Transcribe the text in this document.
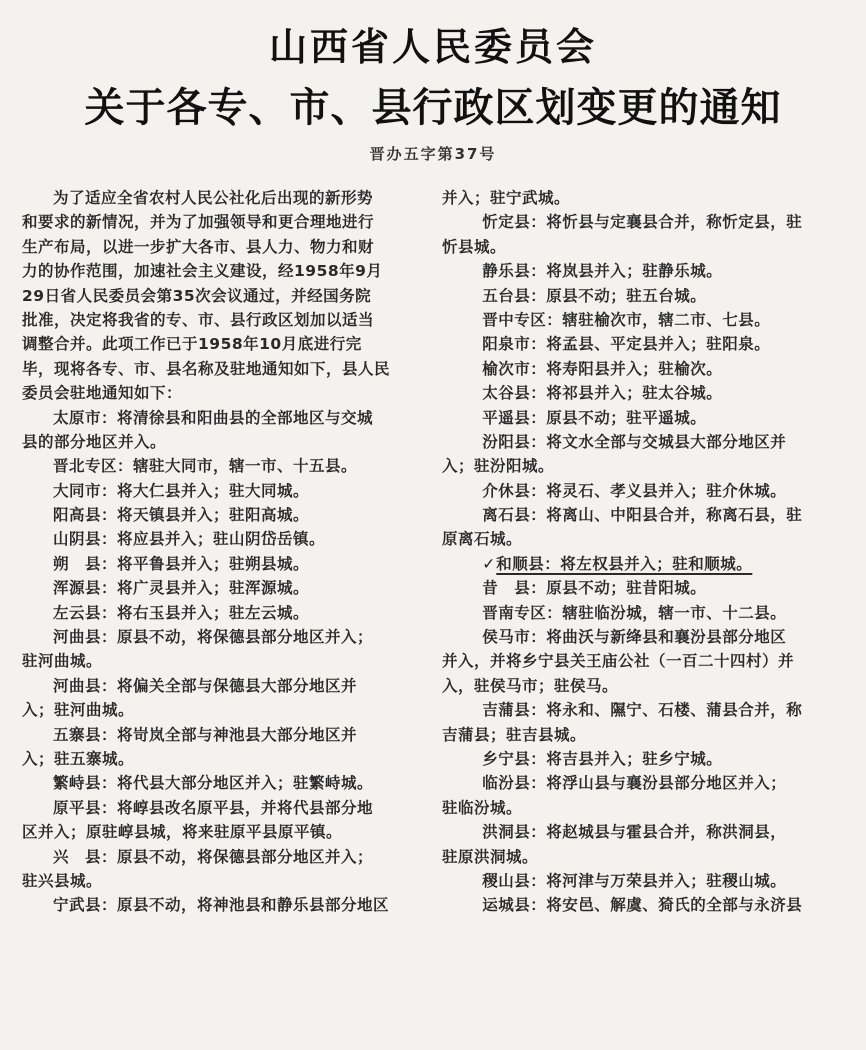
山西省人民委员会
关于各专、市、县行政区划变更的通知
晋办五字第37号
为了适应全省农村人民公社化后出现的新形势
和要求的新情况，并为了加强领导和更合理地进行
生产布局，以进一步扩大各市、县人力、物力和财
力的协作范围，加速社会主义建设，经1958年9月
29日省人民委员会第35次会议通过，并经国务院
批准，决定将我省的专、市、县行政区划加以适当
调整合并。此项工作已于1958年10月底进行完
毕，现将各专、市、县名称及驻地通知如下，县人民
委员会驻地通知如下：
太原市：将清徐县和阳曲县的全部地区与交城
县的部分地区并入。
晋北专区：辖驻大同市，辖一市、十五县。
大同市：将大仁县并入；驻大同城。
阳高县：将天镇县并入；驻阳高城。
山阴县：将应县并入；驻山阴岱岳镇。
朔　县：将平鲁县并入；驻朔县城。
浑源县：将广灵县并入；驻浑源城。
左云县：将右玉县并入；驻左云城。
河曲县：原县不动，将保德县部分地区并入；
驻河曲城。
河曲县：将偏关全部与保德县大部分地区并
入；驻河曲城。
五寨县：将岢岚全部与神池县大部分地区并
入；驻五寨城。
繁峙县：将代县大部分地区并入；驻繁峙城。
原平县：将崞县改名原平县，并将代县部分地
区并入；原驻崞县城，将来驻原平县原平镇。
兴　县：原县不动，将保德县部分地区并入；
驻兴县城。
宁武县：原县不动，将神池县和静乐县部分地区
并入；驻宁武城。
忻定县：将忻县与定襄县合并，称忻定县，驻
忻县城。
静乐县：将岚县并入；驻静乐城。
五台县：原县不动；驻五台城。
晋中专区：辖驻榆次市，辖二市、七县。
阳泉市：将孟县、平定县并入；驻阳泉。
榆次市：将寿阳县并入；驻榆次。
太谷县：将祁县并入；驻太谷城。
平遥县：原县不动；驻平遥城。
汾阳县：将文水全部与交城县大部分地区并
入；驻汾阳城。
介休县：将灵石、孝义县并入；驻介休城。
离石县：将离山、中阳县合并，称离石县，驻
原离石城。
✓和顺县：将左权县并入；驻和顺城。
昔　县：原县不动；驻昔阳城。
晋南专区：辖驻临汾城，辖一市、十二县。
侯马市：将曲沃与新绛县和襄汾县部分地区
并入，并将乡宁县关王庙公社（一百二十四村）并
入，驻侯马市；驻侯马。
吉蒲县：将永和、隰宁、石楼、蒲县合并，称
吉蒲县；驻吉县城。
乡宁县：将吉县并入；驻乡宁城。
临汾县：将浮山县与襄汾县部分地区并入；
驻临汾城。
洪洞县：将赵城县与霍县合并，称洪洞县，
驻原洪洞城。
稷山县：将河津与万荣县并入；驻稷山城。
运城县：将安邑、解虞、猗氏的全部与永济县
